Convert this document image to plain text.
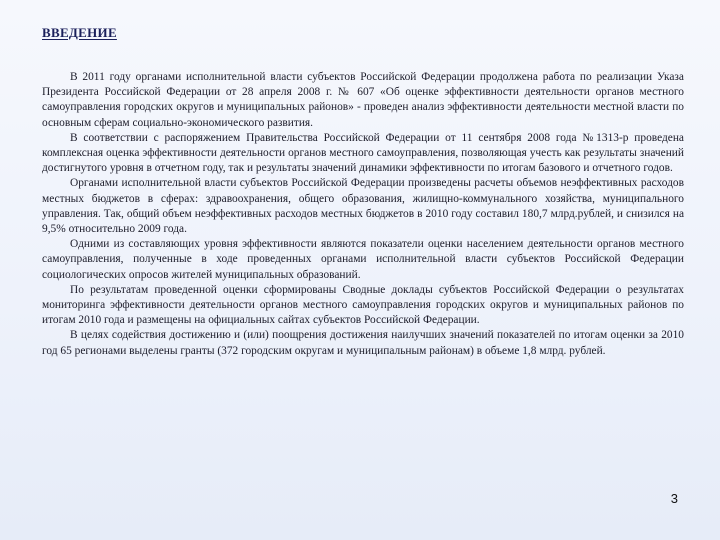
ВВЕДЕНИЕ

В 2011 году органами исполнительной власти субъектов Российской Федерации продолжена работа по реализации Указа Президента Российской Федерации от 28 апреля 2008 г. № 607 «Об оценке эффективности деятельности органов местного самоуправления городских округов и муниципальных районов» - проведен анализ эффективности деятельности местной власти по основным сферам социально-экономического развития.

В соответствии с распоряжением Правительства Российской Федерации от 11 сентября 2008 года №1313-р проведена комплексная оценка эффективности деятельности органов местного самоуправления, позволяющая учесть как результаты значений достигнутого уровня в отчетном году, так и результаты значений динамики эффективности по итогам базового и отчетного годов.

Органами исполнительной власти субъектов Российской Федерации произведены расчеты объемов неэффективных расходов местных бюджетов в сферах: здравоохранения, общего образования, жилищно-коммунального хозяйства, муниципального управления. Так, общий объем неэффективных расходов местных бюджетов в 2010 году составил 180,7 млрд.рублей, и снизился на 9,5% относительно 2009 года.

Одними из составляющих уровня эффективности являются показатели оценки населением деятельности органов местного самоуправления, полученные в ходе проведенных органами исполнительной власти субъектов Российской Федерации социологических опросов жителей муниципальных образований.

По результатам проведенной оценки сформированы Сводные доклады субъектов Российской Федерации о результатах мониторинга эффективности деятельности органов местного самоуправления городских округов и муниципальных районов по итогам 2010 года и размещены на официальных сайтах субъектов Российской Федерации.

В целях содействия достижению и (или) поощрения достижения наилучших значений показателей по итогам оценки за 2010 год 65 регионами выделены гранты (372 городским округам и муниципальным районам) в объеме 1,8 млрд. рублей.

3
